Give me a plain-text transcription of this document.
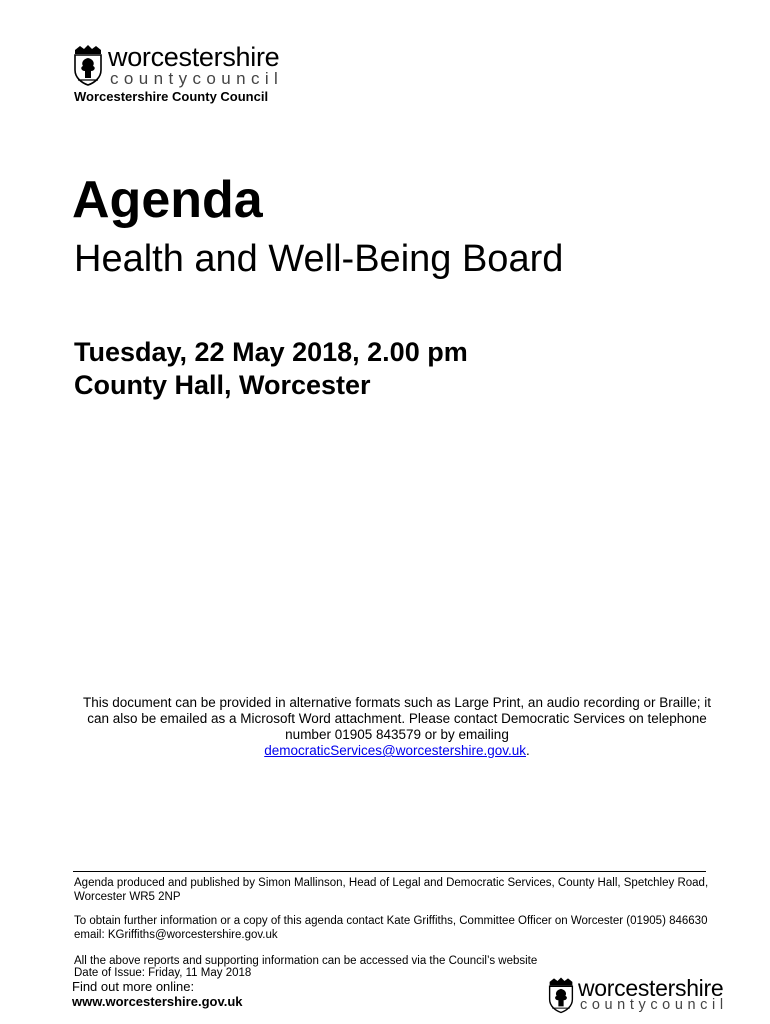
worcestershire
countycouncil
Worcestershire County Council
Agenda
Health and Well-Being Board
Tuesday, 22 May 2018, 2.00 pm
County Hall, Worcester
This document can be provided in alternative formats such as Large Print, an audio recording or Braille; it can also be emailed as a Microsoft Word attachment. Please contact Democratic Services on telephone number 01905 843579 or by emailing
democraticServices@worcestershire.gov.uk.
Agenda produced and published by Simon Mallinson, Head of Legal and Democratic Services, County Hall, Spetchley Road, Worcester WR5 2NP
To obtain further information or a copy of this agenda contact Kate Griffiths, Committee Officer on Worcester (01905) 846630 email: KGriffiths@worcestershire.gov.uk
All the above reports and supporting information can be accessed via the Council’s website
Date of Issue: Friday, 11 May 2018
Find out more online:
www.worcestershire.gov.uk
worcestershire
countycouncil
